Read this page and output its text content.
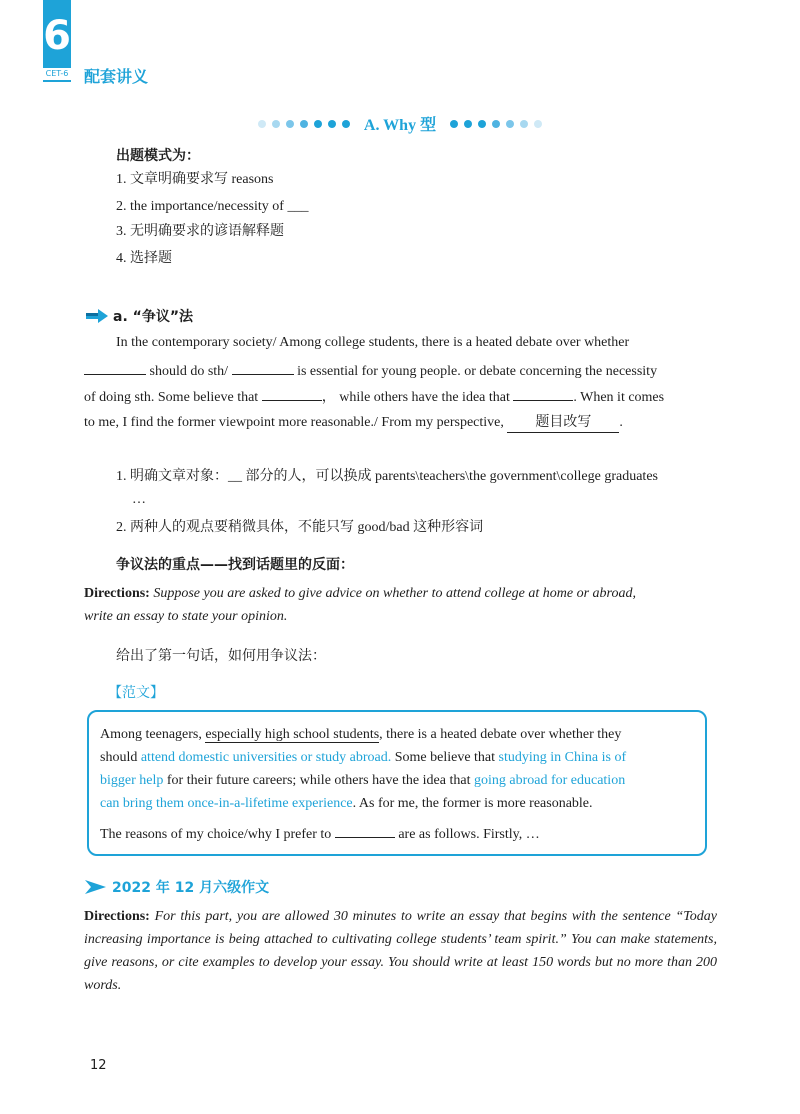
6
CET-6 配套讲义
A. Why 型
出题模式为：
1. 文章明确要求写 reasons
2. the importance/necessity of ___
3. 无明确要求的谚语解释题
4. 选择题
a. “争议”法
In the contemporary society/ Among college students, there is a heated debate over whether
should do sth/	is essential for young people. or debate concerning the necessity
of doing sth. Some believe that	， while others have the idea that	. When it comes
to me, I find the former viewpoint more reasonable./ From my perspective, 题目改写 .
1. 明确文章对象：__ 部分的人，可以换成 parents\teachers\the government\college graduates
…
2. 两种人的观点要稍微具体，不能只写 good/bad 这种形容词
争议法的重点——找到话题里的反面：
Directions: Suppose you are asked to give advice on whether to attend college at home or abroad,
write an essay to state your opinion.
给出了第一句话，如何用争议法：
【范文】
Among teenagers, especially high school students, there is a heated debate over whether they
should attend domestic universities or study abroad. Some believe that studying in China is of
bigger help for their future careers; while others have the idea that going abroad for education
can bring them once-in-a-lifetime experience. As for me, the former is more reasonable.
The reasons of my choice/why I prefer to	are as follows. Firstly, …
2022 年 12 月六级作文
Directions: For this part, you are allowed 30 minutes to write an essay that begins with the sentence “Today increasing importance is being attached to cultivating college students’ team spirit.” You can make statements, give reasons, or cite examples to develop your essay. You should write at least 150 words but no more than 200 words.
12
